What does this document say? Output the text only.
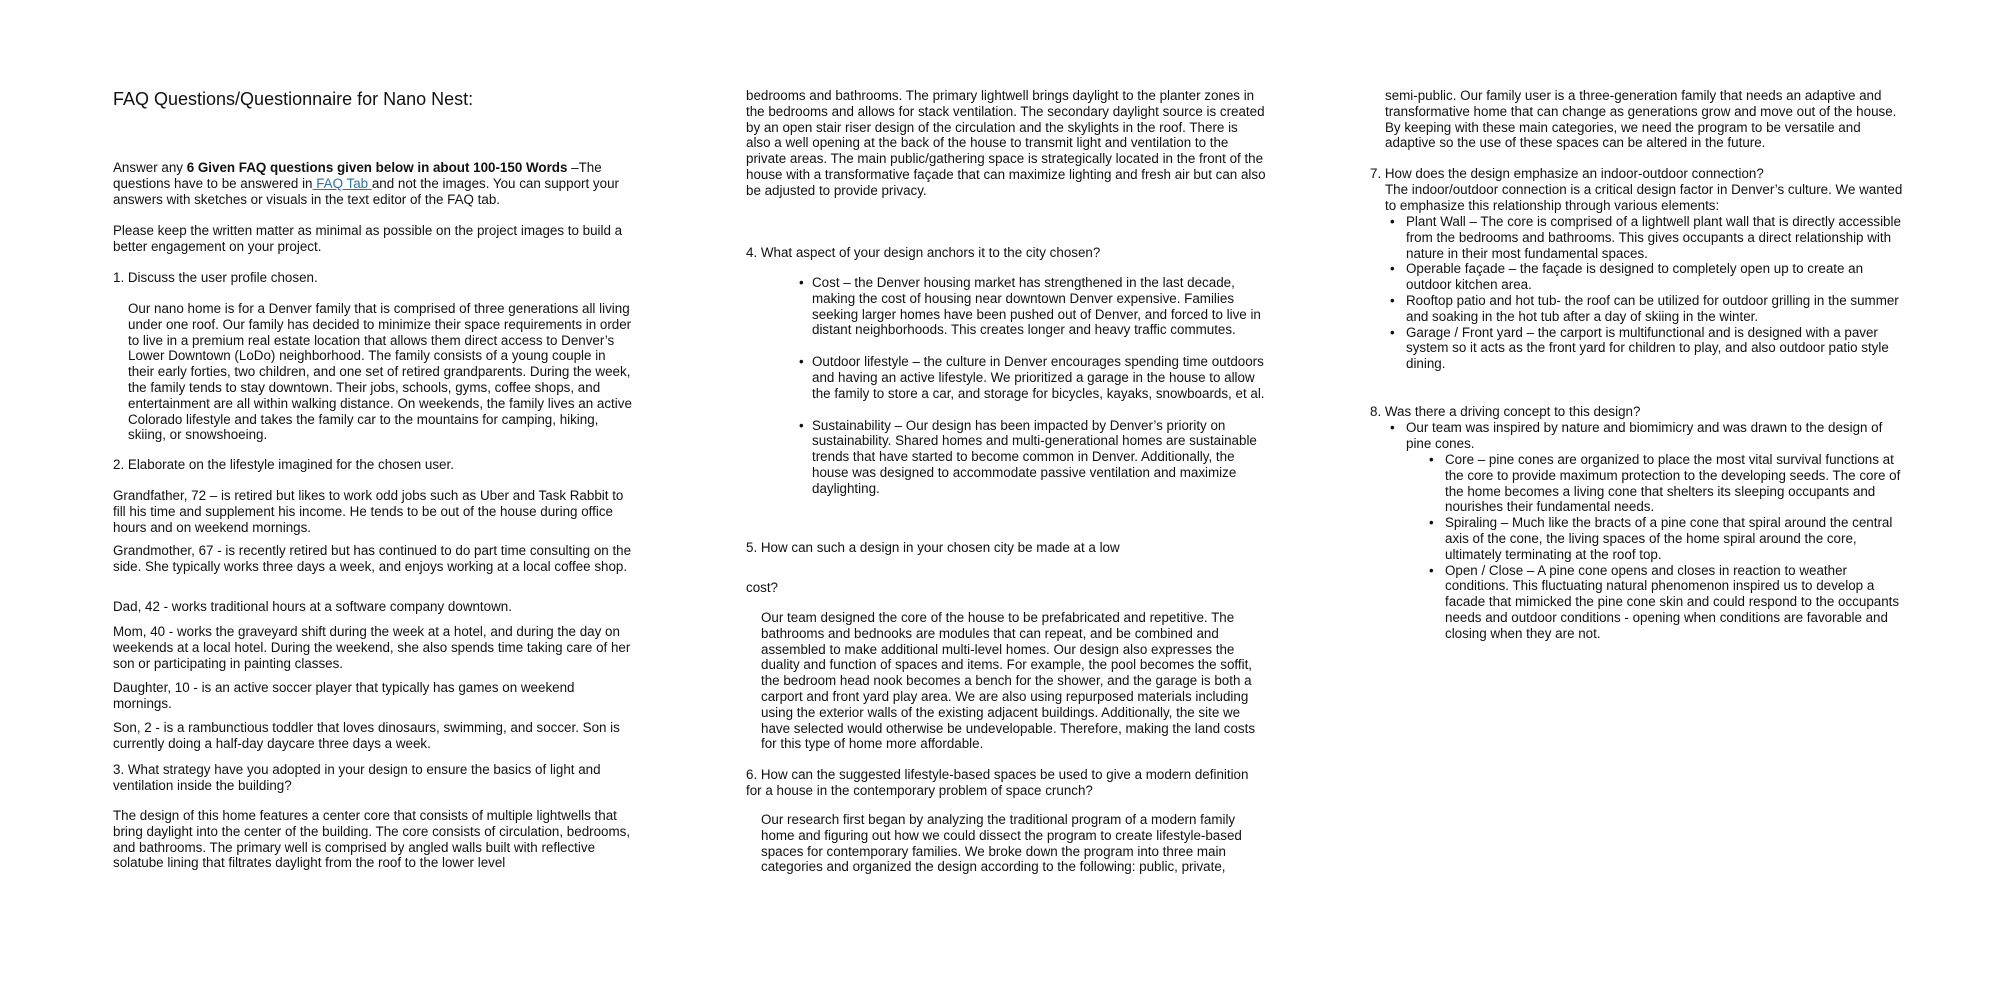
FAQ Questions/Questionnaire for Nano Nest:

Answer any 6 Given FAQ questions given below in about 100-150 Words –The questions have to be answered in FAQ Tab and not the images. You can support your answers with sketches or visuals in the text editor of the FAQ tab.

Please keep the written matter as minimal as possible on the project images to build a better engagement on your project.

1. Discuss the user profile chosen.

Our nano home is for a Denver family that is comprised of three generations all living under one roof. Our family has decided to minimize their space requirements in order to live in a premium real estate location that allows them direct access to Denver’s Lower Downtown (LoDo) neighborhood. The family consists of a young couple in their early forties, two children, and one set of retired grandparents. During the week, the family tends to stay downtown. Their jobs, schools, gyms, coffee shops, and entertainment are all within walking distance. On weekends, the family lives an active Colorado lifestyle and takes the family car to the mountains for camping, hiking, skiing, or snowshoeing.

2. Elaborate on the lifestyle imagined for the chosen user.

Grandfather, 72 – is retired but likes to work odd jobs such as Uber and Task Rabbit to fill his time and supplement his income. He tends to be out of the house during office hours and on weekend mornings.

Grandmother, 67 - is recently retired but has continued to do part time consulting on the side. She typically works three days a week, and enjoys working at a local coffee shop.

Dad, 42 - works traditional hours at a software company downtown.

Mom, 40 - works the graveyard shift during the week at a hotel, and during the day on weekends at a local hotel. During the weekend, she also spends time taking care of her son or participating in painting classes.

Daughter, 10 - is an active soccer player that typically has games on weekend mornings.

Son, 2 - is a rambunctious toddler that loves dinosaurs, swimming, and soccer. Son is currently doing a half-day daycare three days a week.

3. What strategy have you adopted in your design to ensure the basics of light and ventilation inside the building?

The design of this home features a center core that consists of multiple lightwells that bring daylight into the center of the building. The core consists of circulation, bedrooms, and bathrooms. The primary well is comprised by angled walls built with reflective solatube lining that filtrates daylight from the roof to the lower level

bedrooms and bathrooms. The primary lightwell brings daylight to the planter zones in the bedrooms and allows for stack ventilation. The secondary daylight source is created by an open stair riser design of the circulation and the skylights in the roof. There is also a well opening at the back of the house to transmit light and ventilation to the private areas. The main public/gathering space is strategically located in the front of the house with a transformative façade that can maximize lighting and fresh air but can also be adjusted to provide privacy.

4. What aspect of your design anchors it to the city chosen?

• Cost – the Denver housing market has strengthened in the last decade, making the cost of housing near downtown Denver expensive. Families seeking larger homes have been pushed out of Denver, and forced to live in distant neighborhoods. This creates longer and heavy traffic commutes.
• Outdoor lifestyle – the culture in Denver encourages spending time outdoors and having an active lifestyle. We prioritized a garage in the house to allow the family to store a car, and storage for bicycles, kayaks, snowboards, et al.
• Sustainability – Our design has been impacted by Denver’s priority on sustainability. Shared homes and multi-generational homes are sustainable trends that have started to become common in Denver. Additionally, the house was designed to accommodate passive ventilation and maximize daylighting.

5. How can such a design in your chosen city be made at a low

cost?

Our team designed the core of the house to be prefabricated and repetitive. The bathrooms and bednooks are modules that can repeat, and be combined and assembled to make additional multi-level homes. Our design also expresses the duality and function of spaces and items. For example, the pool becomes the soffit, the bedroom head nook becomes a bench for the shower, and the garage is both a carport and front yard play area. We are also using repurposed materials including using the exterior walls of the existing adjacent buildings. Additionally, the site we have selected would otherwise be undevelopable. Therefore, making the land costs for this type of home more affordable.

6. How can the suggested lifestyle-based spaces be used to give a modern definition for a house in the contemporary problem of space crunch?

Our research first began by analyzing the traditional program of a modern family home and figuring out how we could dissect the program to create lifestyle-based spaces for contemporary families. We broke down the program into three main categories and organized the design according to the following: public, private,

semi-public. Our family user is a three-generation family that needs an adaptive and transformative home that can change as generations grow and move out of the house. By keeping with these main categories, we need the program to be versatile and adaptive so the use of these spaces can be altered in the future.

7. How does the design emphasize an indoor-outdoor connection?

The indoor/outdoor connection is a critical design factor in Denver’s culture. We wanted to emphasize this relationship through various elements:

• Plant Wall – The core is comprised of a lightwell plant wall that is directly accessible from the bedrooms and bathrooms. This gives occupants a direct relationship with nature in their most fundamental spaces.
• Operable façade – the façade is designed to completely open up to create an outdoor kitchen area.
• Rooftop patio and hot tub- the roof can be utilized for outdoor grilling in the summer and soaking in the hot tub after a day of skiing in the winter.
• Garage / Front yard – the carport is multifunctional and is designed with a paver system so it acts as the front yard for children to play, and also outdoor patio style dining.

8. Was there a driving concept to this design?

• Our team was inspired by nature and biomimicry and was drawn to the design of pine cones.
• Core – pine cones are organized to place the most vital survival functions at the core to provide maximum protection to the developing seeds. The core of the home becomes a living cone that shelters its sleeping occupants and nourishes their fundamental needs.
• Spiraling – Much like the bracts of a pine cone that spiral around the central axis of the cone, the living spaces of the home spiral around the core, ultimately terminating at the roof top.
• Open / Close – A pine cone opens and closes in reaction to weather conditions. This fluctuating natural phenomenon inspired us to develop a facade that mimicked the pine cone skin and could respond to the occupants needs and outdoor conditions - opening when conditions are favorable and closing when they are not.
